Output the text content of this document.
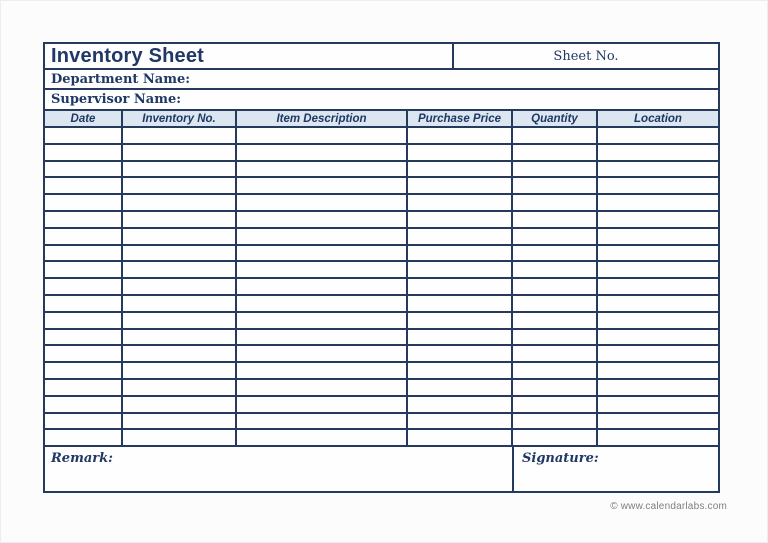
Inventory Sheet	Sheet No.
Department Name:
Supervisor Name:
Date	Inventory No.	Item Description	Purchase Price	Quantity	Location
Remark:	Signature:
© www.calendarlabs.com
